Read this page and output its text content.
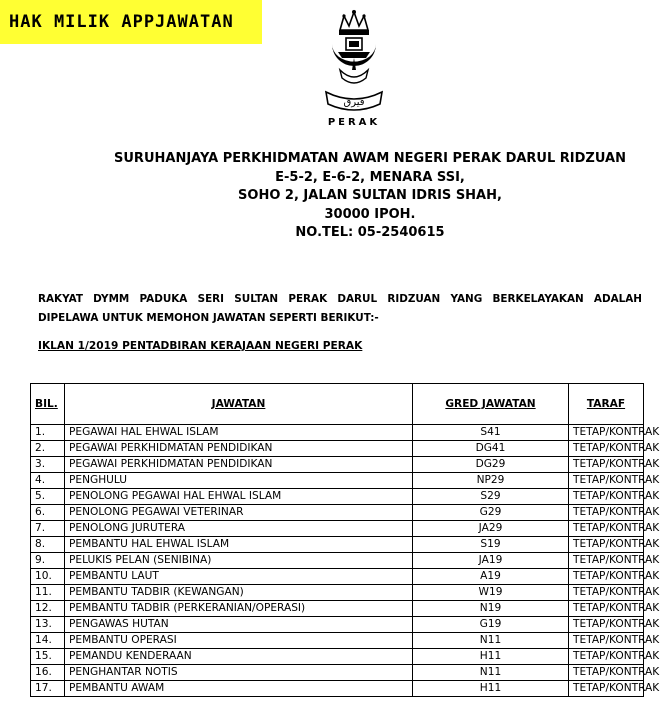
HAK MILIK APPJAWATAN
ڤيرق
PERAK
SURUHANJAYA PERKHIDMATAN AWAM NEGERI PERAK DARUL RIDZUAN
E-5-2, E-6-2, MENARA SSI,
SOHO 2, JALAN SULTAN IDRIS SHAH,
30000 IPOH.
NO.TEL: 05-2540615
RAKYAT DYMM PADUKA SERI SULTAN PERAK DARUL RIDZUAN YANG BERKELAYAKAN ADALAH
DIPELAWA UNTUK MEMOHON JAWATAN SEPERTI BERIKUT:-
IKLAN 1/2019 PENTADBIRAN KERAJAAN NEGERI PERAK
BIL.	JAWATAN	GRED JAWATAN	TARAF
1.	PEGAWAI HAL EHWAL ISLAM	S41	TETAP/KONTRAK
2.	PEGAWAI PERKHIDMATAN PENDIDIKAN	DG41	TETAP/KONTRAK
3.	PEGAWAI PERKHIDMATAN PENDIDIKAN	DG29	TETAP/KONTRAK
4.	PENGHULU	NP29	TETAP/KONTRAK
5.	PENOLONG PEGAWAI HAL EHWAL ISLAM	S29	TETAP/KONTRAK
6.	PENOLONG PEGAWAI VETERINAR	G29	TETAP/KONTRAK
7.	PENOLONG JURUTERA	JA29	TETAP/KONTRAK
8.	PEMBANTU HAL EHWAL ISLAM	S19	TETAP/KONTRAK
9.	PELUKIS PELAN (SENIBINA)	JA19	TETAP/KONTRAK
10.	PEMBANTU LAUT	A19	TETAP/KONTRAK
11.	PEMBANTU TADBIR (KEWANGAN)	W19	TETAP/KONTRAK
12.	PEMBANTU TADBIR (PERKERANIAN/OPERASI)	N19	TETAP/KONTRAK
13.	PENGAWAS HUTAN	G19	TETAP/KONTRAK
14.	PEMBANTU OPERASI	N11	TETAP/KONTRAK
15.	PEMANDU KENDERAAN	H11	TETAP/KONTRAK
16.	PENGHANTAR NOTIS	N11	TETAP/KONTRAK
17.	PEMBANTU AWAM	H11	TETAP/KONTRAK
